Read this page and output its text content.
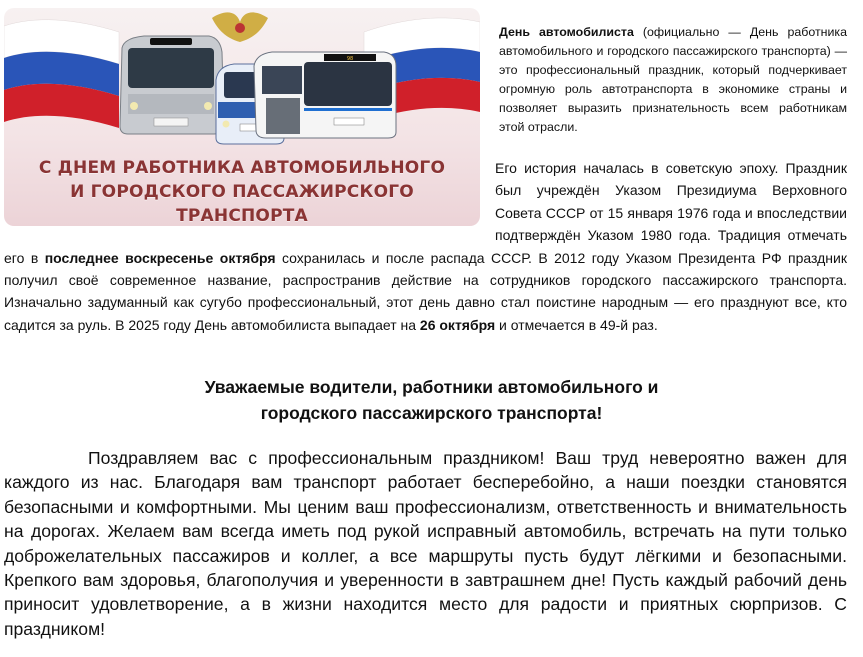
98
С ДНЕМ РАБОТНИКА АВТОМОБИЛЬНОГО
И ГОРОДСКОГО ПАССАЖИРСКОГО
ТРАНСПОРТА
День автомобилиста (официально — День работника автомобильного и городского пассажирского транспорта) — это профессиональный праздник, который подчеркивает огромную роль автотранспорта в экономике страны и позволяет выразить признательность всем работникам этой отрасли.
Его история началась в советскую эпоху. Праздник был учреждён Указом Президиума Верховного Совета СССР от 15 января 1976 года и впоследствии подтверждён Указом 1980 года. Традиция отмечать его в последнее воскресенье октября сохранилась и после распада СССР. В 2012 году Указом Президента РФ праздник получил своё современное название, распространив действие на сотрудников городского пассажирского транспорта. Изначально задуманный как сугубо профессиональный, этот день давно стал поистине народным — его празднуют все, кто садится за руль. В 2025 году День автомобилиста выпадает на 26 октября и отмечается в 49-й раз.
Уважаемые водители, работники автомобильного и
городского пассажирского транспорта!
Поздравляем вас с профессиональным праздником! Ваш труд невероятно важен для каждого из нас. Благодаря вам транспорт работает бесперебойно, а наши поездки становятся безопасными и комфортными. Мы ценим ваш профессионализм, ответственность и внимательность на дорогах. Желаем вам всегда иметь под рукой исправный автомобиль, встречать на пути только доброжелательных пассажиров и коллег, а все маршруты пусть будут лёгкими и безопасными. Крепкого вам здоровья, благополучия и уверенности в завтрашнем дне! Пусть каждый рабочий день приносит удовлетворение, а в жизни находится место для радости и приятных сюрпризов. С праздником!
